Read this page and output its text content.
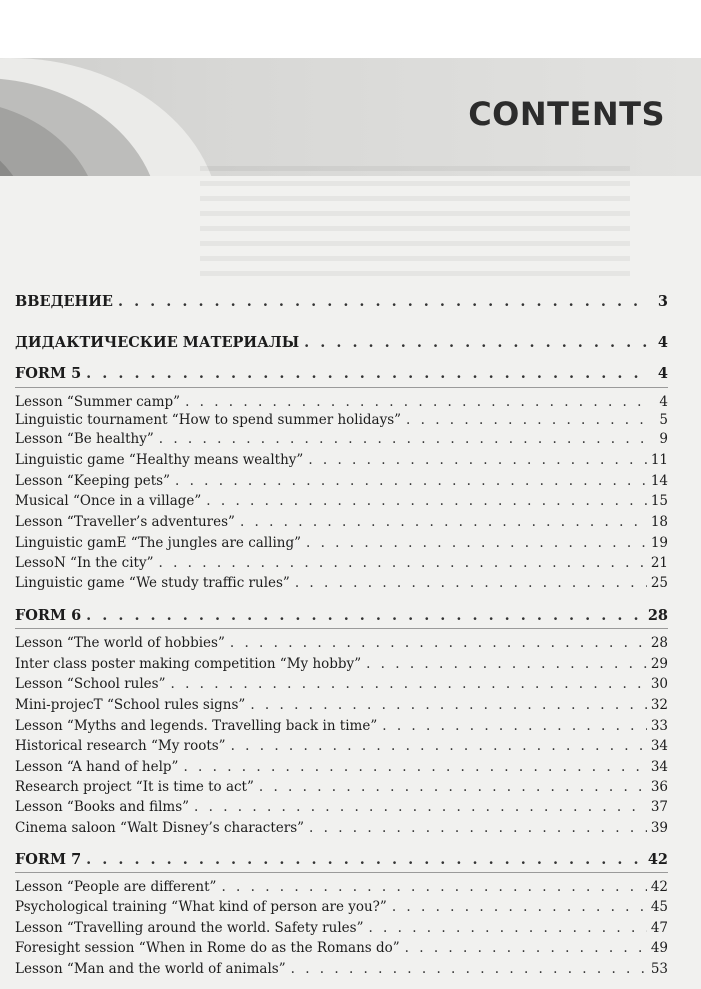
CONTENTS
ВВЕДЕНИЕ . . .	3
ДИДАКТИЧЕСКИЕ МАТЕРИАЛЫ . . .	4
FORM 5 . . .	4
Lesson “Summer camp” . . .	4
Linguistic tournament “How to spend summer holidays” . . .	5
Lesson “Be healthy” . . .	9
Linguistic game “Healthy means wealthy” . . .	11
Lesson “Keeping pets” . . .	14
Musical “Once in a village” . . .	15
Lesson “Traveller’s adventures” . . .	18
Linguistic gamE “The jungles are calling” . . .	19
LessoN “In the city” . . .	21
Linguistic game “We study traffic rules” . . .	25
FORM 6 . . .	28
Lesson “The world of hobbies” . . .	28
Inter class poster making competition “My hobby” . . .	29
Lesson “School rules” . . .	30
Mini-projecT “School rules signs” . . .	32
Lesson “Myths and legends. Travelling back in time” . . .	33
Historical research “My roots” . . .	34
Lesson “A hand of help” . . .	34
Research project “It is time to act” . . .	36
Lesson “Books and films” . . .	37
Cinema saloon “Walt Disney’s characters” . . .	39
FORM 7 . . .	42
Lesson “People are different” . . .	42
Psychological training “What kind of person are you?” . . .	45
Lesson “Travelling around the world. Safety rules” . . .	47
Foresight session “When in Rome do as the Romans do” . . .	49
Lesson “Man and the world of animals” . . .	53
